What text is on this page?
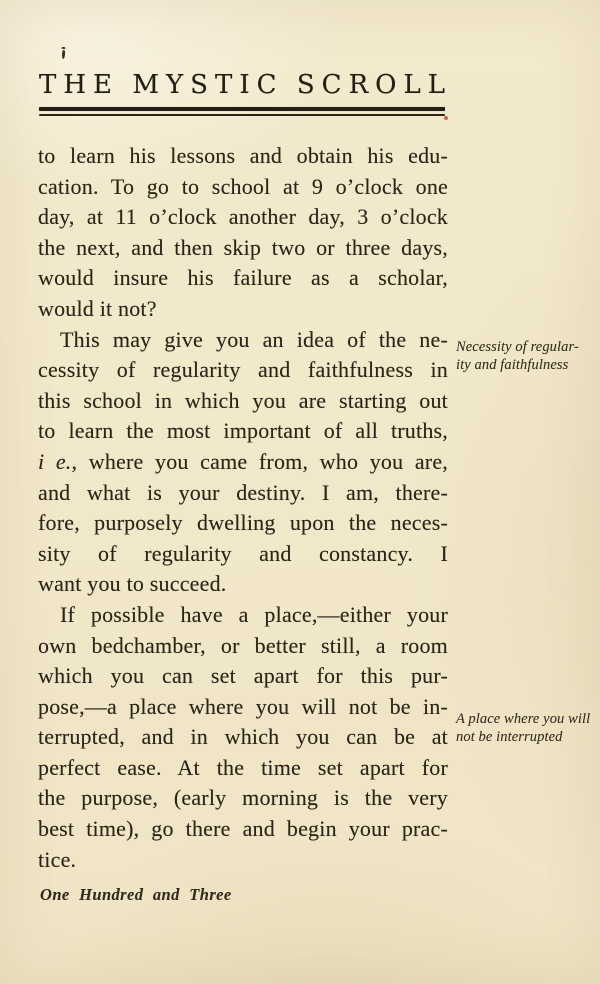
THE MYSTIC SCROLL
to learn his lessons and obtain his edu-
cation. To go to school at 9 o’clock one
day, at 11 o’clock another day, 3 o’clock
the next, and then skip two or three days,
would insure his failure as a scholar,
would it not?
This may give you an idea of the ne-
cessity of regularity and faithfulness in
this school in which you are starting out
to learn the most important of all truths,
i e., where you came from, who you are,
and what is your destiny. I am, there-
fore, purposely dwelling upon the neces-
sity of regularity and constancy. I
want you to succeed.
If possible have a place,—either your
own bedchamber, or better still, a room
which you can set apart for this pur-
pose,—a place where you will not be in-
terrupted, and in which you can be at
perfect ease. At the time set apart for
the purpose, (early morning is the very
best time), go there and begin your prac-
tice.
Necessity of regular-
ity and faithfulness
A place where you will
not be interrupted
One Hundred and Three
